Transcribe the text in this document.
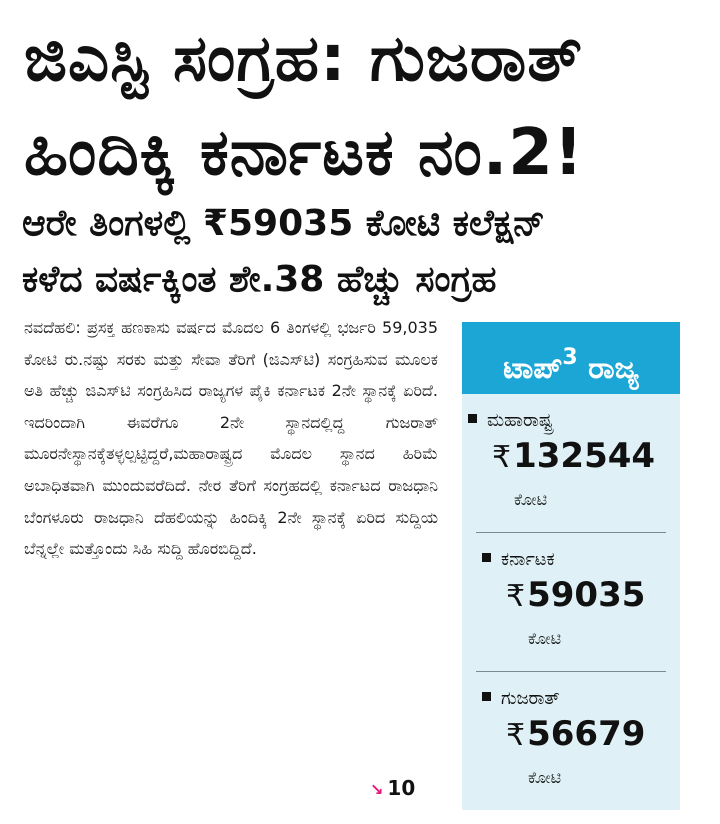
ಜಿಎಸ್ಟಿ ಸಂಗ್ರಹ: ಗುಜರಾತ್
ಹಿಂದಿಕ್ಕಿ ಕರ್ನಾಟಕ ನಂ.2!
ಆರೇ ತಿಂಗಳಲ್ಲಿ ₹59035 ಕೋಟಿ ಕಲೆಕ್ಷನ್
ಕಳೆದ ವರ್ಷಕ್ಕಿಂತ ಶೇ.38 ಹೆಚ್ಚು ಸಂಗ್ರಹ
ನವದೆಹಲಿ: ಪ್ರಸಕ್ತ ಹಣಕಾಸು ವರ್ಷದ ಮೊದಲ 6 ತಿಂಗಳಲ್ಲಿ ಭರ್ಜರಿ 59,035 ಕೋಟಿ ರು.ನಷ್ಟು ಸರಕು ಮತ್ತು ಸೇವಾ ತೆರಿಗೆ (ಜಿಎಸ್‌ಟಿ) ಸಂಗ್ರಹಿಸುವ ಮೂಲಕ ಅತಿ ಹೆಚ್ಚು ಜಿಎಸ್‌ಟಿ ಸಂಗ್ರಹಿಸಿದ ರಾಜ್ಯಗಳ ಪೈಕಿ ಕರ್ನಾಟಕ 2ನೇ ಸ್ಥಾನಕ್ಕೆ ಏರಿದೆ. ಇದರಿಂದಾಗಿ ಈವರೆಗೂ 2ನೇ ಸ್ಥಾನದಲ್ಲಿದ್ದ ಗುಜರಾತ್ ಮೂರನೇಸ್ಥಾನಕ್ಕೆತಳ್ಳಲ್ಪಟ್ಟಿದ್ದರೆ,ಮಹಾರಾಷ್ಟ್ರದ ಮೊದಲ ಸ್ಥಾನದ ಹಿರಿಮೆ ಅಬಾಧಿತವಾಗಿ ಮುಂದುವರೆದಿದೆ. ನೇರ ತೆರಿಗೆ ಸಂಗ್ರಹದಲ್ಲಿ ಕರ್ನಾಟದ ರಾಜಧಾನಿ ಬೆಂಗಳೂರು ರಾಜಧಾನಿ ದೆಹಲಿಯನ್ನು ಹಿಂದಿಕ್ಕಿ 2ನೇ ಸ್ಥಾನಕ್ಕೆ ಏರಿದ ಸುದ್ದಿಯ ಬೆನ್ನಲ್ಲೇ ಮತ್ತೊಂದು ಸಿಹಿ ಸುದ್ದಿ ಹೊರಬಿದ್ದಿದೆ.
↘ 10
ಟಾಪ್$^3$ ರಾಜ್ಯ
ಮಹಾರಾಷ್ಟ್ರ
₹132544
ಕೋಟಿ
ಕರ್ನಾಟಕ
₹59035
ಕೋಟಿ
ಗುಜರಾತ್
₹56679
ಕೋಟಿ
